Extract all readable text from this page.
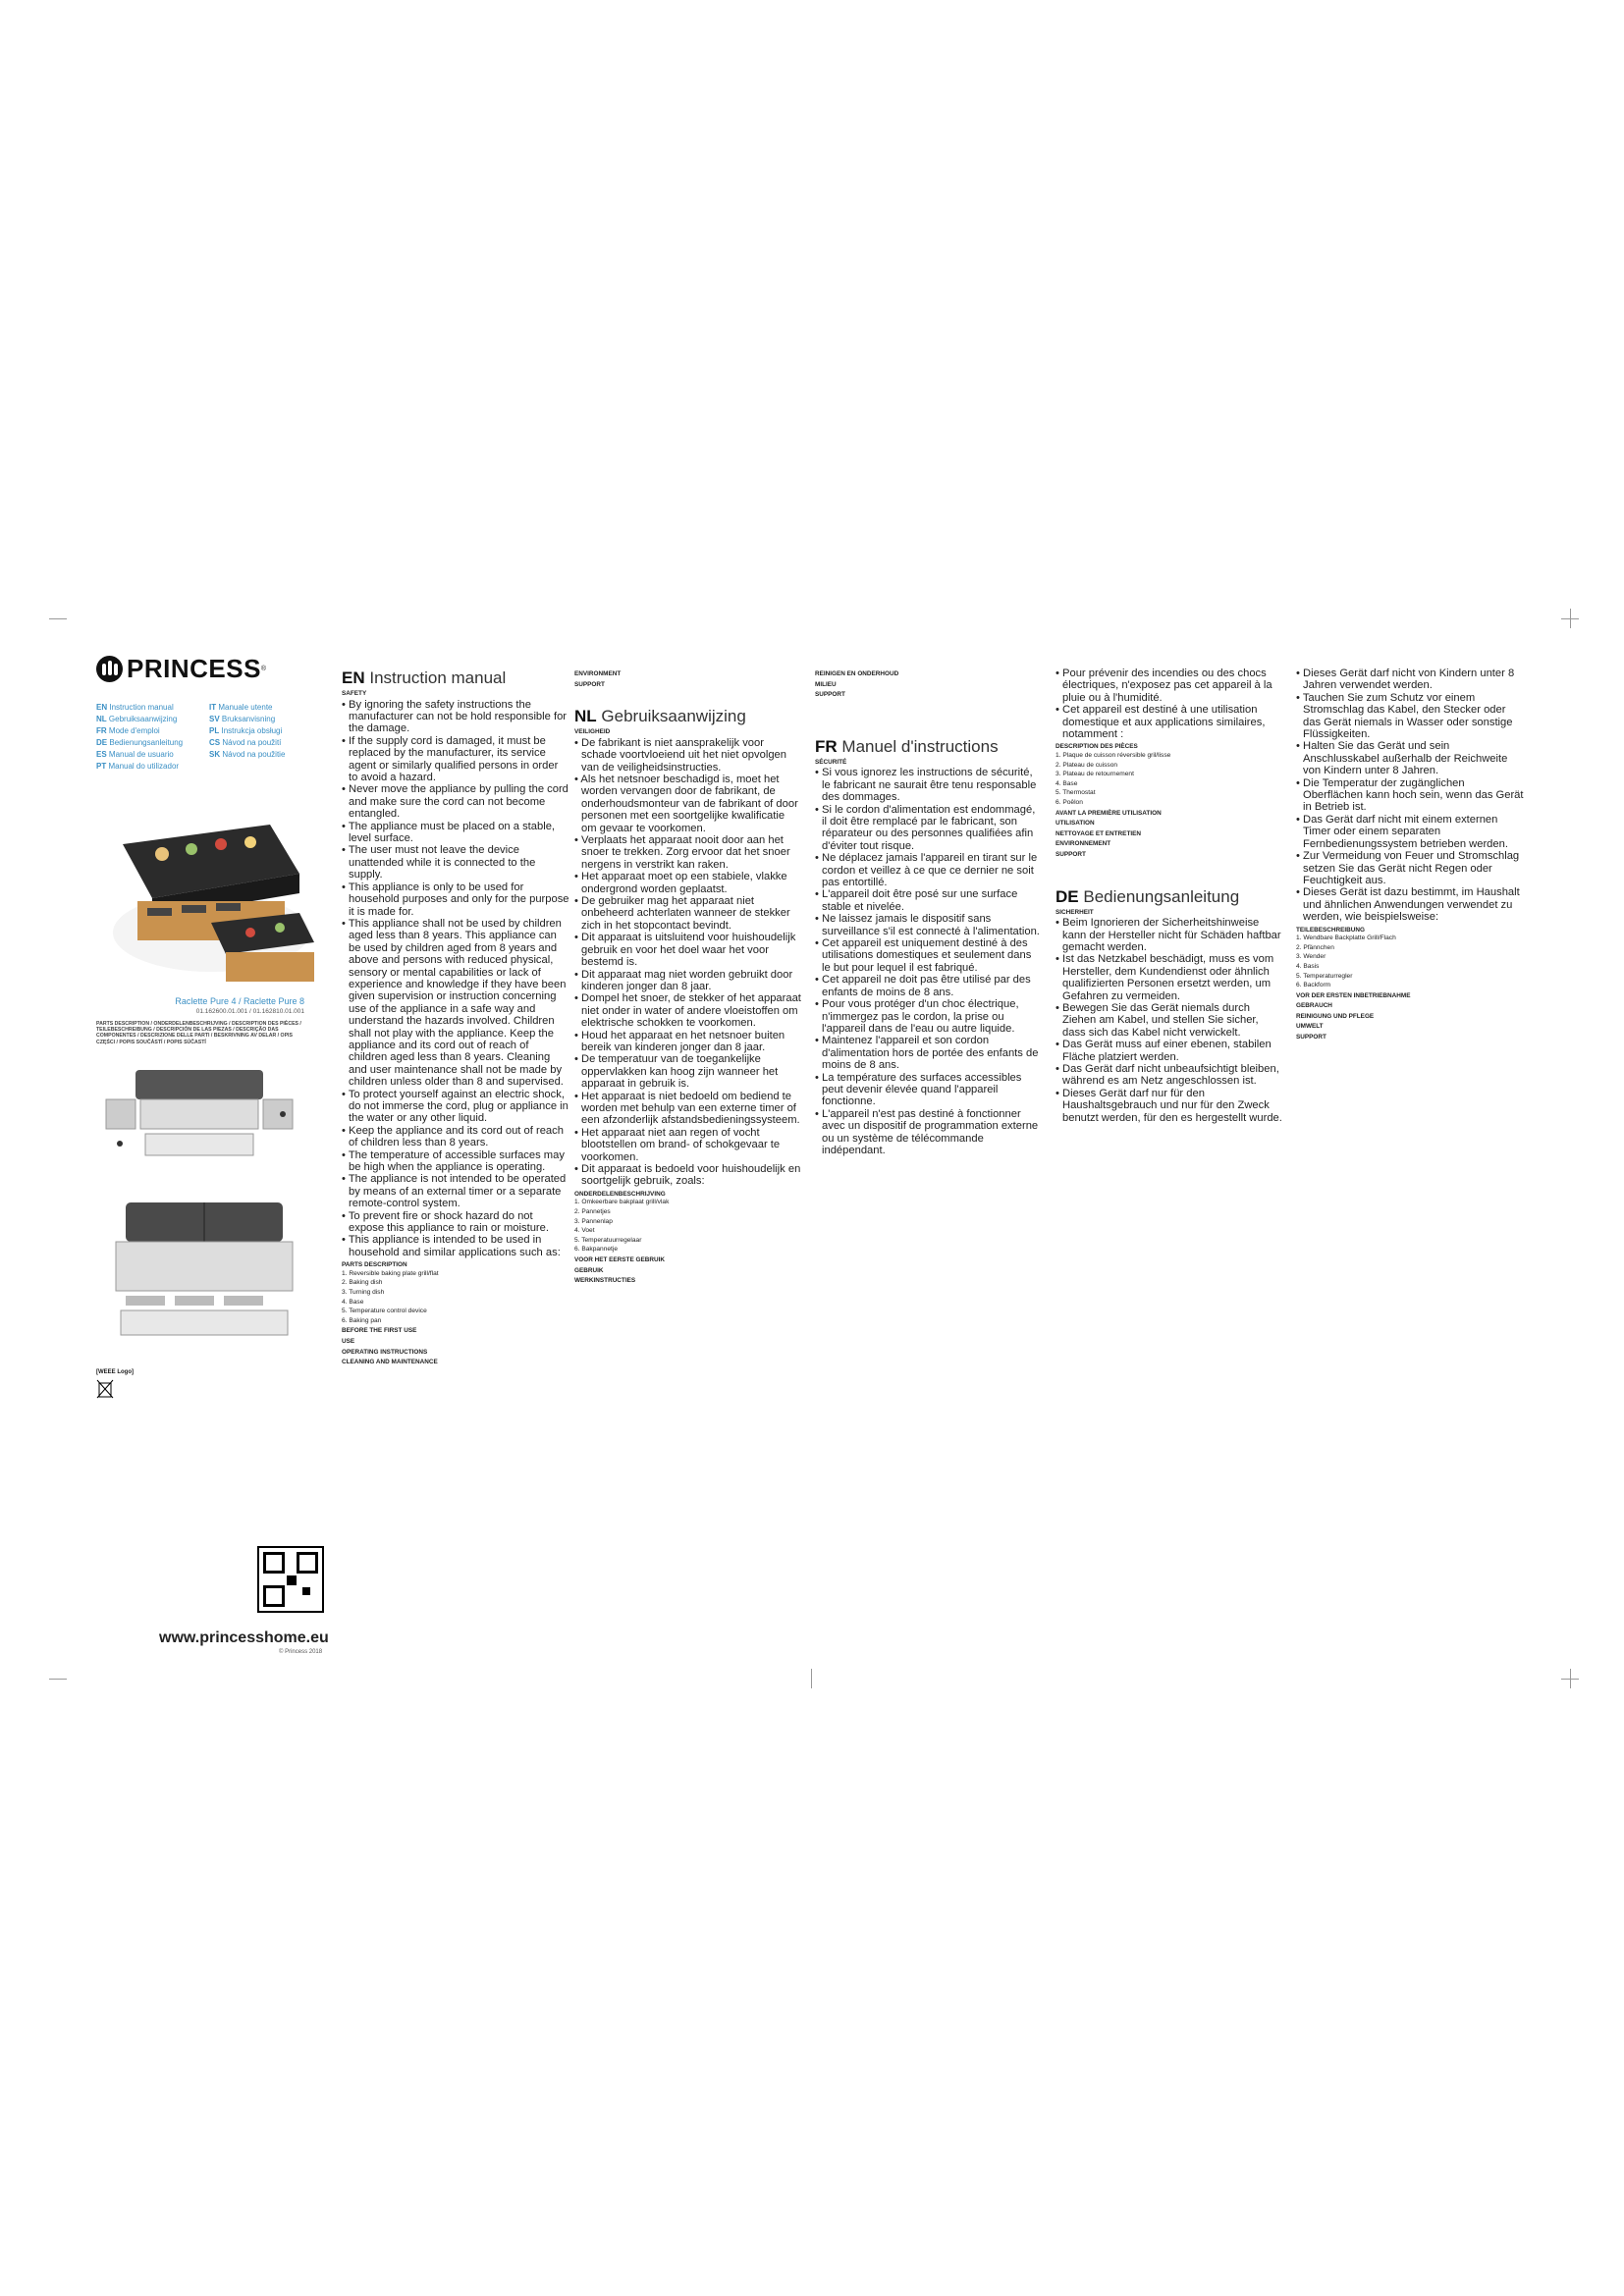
PRINCESS ®
EN Instruction manual	IT Manuale utente
NL Gebruiksaanwijzing	SV Bruksanvisning
FR Mode d'emploi	PL Instrukcja obsługi
DE Bedienungsanleitung	CS Návod na použití
ES Manual de usuario	SK Návod na použitie
PT Manual do utilizador
Raclette Pure 4 / Raclette Pure 8
01.162600.01.001 / 01.162810.01.001
PARTS DESCRIPTION / ONDERDELENBESCHRIJVING / DESCRIPTION DES PIÈCES / TEILEBESCHREIBUNG / DESCRIPCIÓN DE LAS PIEZAS / DESCRIÇÃO DAS COMPONENTES / DESCRIZIONE DELLE PARTI / BESKRIVNING AV DELAR / OPIS CZĘŚCI / POPIS SOUČÁSTÍ / POPIS SÚČASTÍ
[WEEE Logo]
www.princesshome.eu
© Princess 2018
EN Instruction manual
SAFETY

• By ignoring the safety instructions the manufacturer can not be hold responsible for the damage.

• If the supply cord is damaged, it must be replaced by the manufacturer, its service agent or similarly qualified persons in order to avoid a hazard.

• Never move the appliance by pulling the cord and make sure the cord can not become entangled.

• The appliance must be placed on a stable, level surface.

• The user must not leave the device unattended while it is connected to the supply.

• This appliance is only to be used for household purposes and only for the purpose it is made for.

• This appliance shall not be used by children aged less than 8 years. This appliance can be used by children aged from 8 years and above and persons with reduced physical, sensory or mental capabilities or lack of experience and knowledge if they have been given supervision or instruction concerning use of the appliance in a safe way and understand the hazards involved. Children shall not play with the appliance. Keep the appliance and its cord out of reach of children aged less than 8 years. Cleaning and user maintenance shall not be made by children unless older than 8 and supervised.

• To protect yourself against an electric shock, do not immerse the cord, plug or appliance in the water or any other liquid.

• Keep the appliance and its cord out of reach of children less than 8 years.

• The temperature of accessible surfaces may be high when the appliance is operating.

• The appliance is not intended to be operated by means of an external timer or a separate remote-control system.

• To prevent fire or shock hazard do not expose this appliance to rain or moisture.

• This appliance is intended to be used in household and similar applications such as:

PARTS DESCRIPTION

1. Reversible baking plate grill/flat

2. Baking dish

3. Turning dish

4. Base

5. Temperature control device

6. Baking pan

BEFORE THE FIRST USE
USE
OPERATING INSTRUCTIONS
CLEANING AND MAINTENANCE
ENVIRONMENT
SUPPORT
NL Gebruiksaanwijzing
VEILIGHEID

• De fabrikant is niet aansprakelijk voor schade voortvloeiend uit het niet opvolgen van de veiligheidsinstructies.

• Als het netsnoer beschadigd is, moet het worden vervangen door de fabrikant, de onderhoudsmonteur van de fabrikant of door personen met een soortgelijke kwalificatie om gevaar te voorkomen.

• Verplaats het apparaat nooit door aan het snoer te trekken. Zorg ervoor dat het snoer nergens in verstrikt kan raken.

• Het apparaat moet op een stabiele, vlakke ondergrond worden geplaatst.

• De gebruiker mag het apparaat niet onbeheerd achterlaten wanneer de stekker zich in het stopcontact bevindt.

• Dit apparaat is uitsluitend voor huishoudelijk gebruik en voor het doel waar het voor bestemd is.

• Dit apparaat mag niet worden gebruikt door kinderen jonger dan 8 jaar.

• Dompel het snoer, de stekker of het apparaat niet onder in water of andere vloeistoffen om elektrische schokken te voorkomen.

• Houd het apparaat en het netsnoer buiten bereik van kinderen jonger dan 8 jaar.

• De temperatuur van de toegankelijke oppervlakken kan hoog zijn wanneer het apparaat in gebruik is.

• Het apparaat is niet bedoeld om bediend te worden met behulp van een externe timer of een afzonderlijk afstandsbedieningssysteem.

• Het apparaat niet aan regen of vocht blootstellen om brand- of schokgevaar te voorkomen.

• Dit apparaat is bedoeld voor huishoudelijk en soortgelijk gebruik, zoals:

ONDERDELENBESCHRIJVING

1. Omkeerbare bakplaat grill/vlak

2. Pannetjes

3. Pannenlap

4. Voet

5. Temperatuurregelaar

6. Bakpannetje

VOOR HET EERSTE GEBRUIK
GEBRUIK
WERKINSTRUCTIES
REINIGEN EN ONDERHOUD
MILIEU
SUPPORT
FR Manuel d'instructions
SÉCURITÉ

• Si vous ignorez les instructions de sécurité, le fabricant ne saurait être tenu responsable des dommages.

• Si le cordon d'alimentation est endommagé, il doit être remplacé par le fabricant, son réparateur ou des personnes qualifiées afin d'éviter tout risque.

• Ne déplacez jamais l'appareil en tirant sur le cordon et veillez à ce que ce dernier ne soit pas entortillé.

• L'appareil doit être posé sur une surface stable et nivelée.

• Ne laissez jamais le dispositif sans surveillance s'il est connecté à l'alimentation.

• Cet appareil est uniquement destiné à des utilisations domestiques et seulement dans le but pour lequel il est fabriqué.

• Cet appareil ne doit pas être utilisé par des enfants de moins de 8 ans.

• Pour vous protéger d'un choc électrique, n'immergez pas le cordon, la prise ou l'appareil dans de l'eau ou autre liquide.

• Maintenez l'appareil et son cordon d'alimentation hors de portée des enfants de moins de 8 ans.

• La température des surfaces accessibles peut devenir élevée quand l'appareil fonctionne.

• L'appareil n'est pas destiné à fonctionner avec un dispositif de programmation externe ou un système de télécommande indépendant.

• Pour prévenir des incendies ou des chocs électriques, n'exposez pas cet appareil à la pluie ou à l'humidité.

• Cet appareil est destiné à une utilisation domestique et aux applications similaires, notamment :

DESCRIPTION DES PIÈCES

1. Plaque de cuisson réversible gril/lisse

2. Plateau de cuisson

3. Plateau de retournement

4. Base

5. Thermostat

6. Poêlon

AVANT LA PREMIÈRE UTILISATION
UTILISATION
NETTOYAGE ET ENTRETIEN
ENVIRONNEMENT
SUPPORT
DE Bedienungsanleitung
SICHERHEIT

• Beim Ignorieren der Sicherheitshinweise kann der Hersteller nicht für Schäden haftbar gemacht werden.

• Ist das Netzkabel beschädigt, muss es vom Hersteller, dem Kundendienst oder ähnlich qualifizierten Personen ersetzt werden, um Gefahren zu vermeiden.

• Bewegen Sie das Gerät niemals durch Ziehen am Kabel, und stellen Sie sicher, dass sich das Kabel nicht verwickelt.

• Das Gerät muss auf einer ebenen, stabilen Fläche platziert werden.

• Das Gerät darf nicht unbeaufsichtigt bleiben, während es am Netz angeschlossen ist.

• Dieses Gerät darf nur für den Haushaltsgebrauch und nur für den Zweck benutzt werden, für den es hergestellt wurde.

• Dieses Gerät darf nicht von Kindern unter 8 Jahren verwendet werden.

• Tauchen Sie zum Schutz vor einem Stromschlag das Kabel, den Stecker oder das Gerät niemals in Wasser oder sonstige Flüssigkeiten.

• Halten Sie das Gerät und sein Anschlusskabel außerhalb der Reichweite von Kindern unter 8 Jahren.

• Die Temperatur der zugänglichen Oberflächen kann hoch sein, wenn das Gerät in Betrieb ist.

• Das Gerät darf nicht mit einem externen Timer oder einem separaten Fernbedienungssystem betrieben werden.

• Zur Vermeidung von Feuer und Stromschlag setzen Sie das Gerät nicht Regen oder Feuchtigkeit aus.

• Dieses Gerät ist dazu bestimmt, im Haushalt und ähnlichen Anwendungen verwendet zu werden, wie beispielsweise:

TEILEBESCHREIBUNG

1. Wendbare Backplatte Grill/Flach

2. Pfännchen

3. Wender

4. Basis

5. Temperaturregler

6. Backform

VOR DER ERSTEN INBETRIEBNAHME
GEBRAUCH
REINIGUNG UND PFLEGE
UMWELT
SUPPORT
